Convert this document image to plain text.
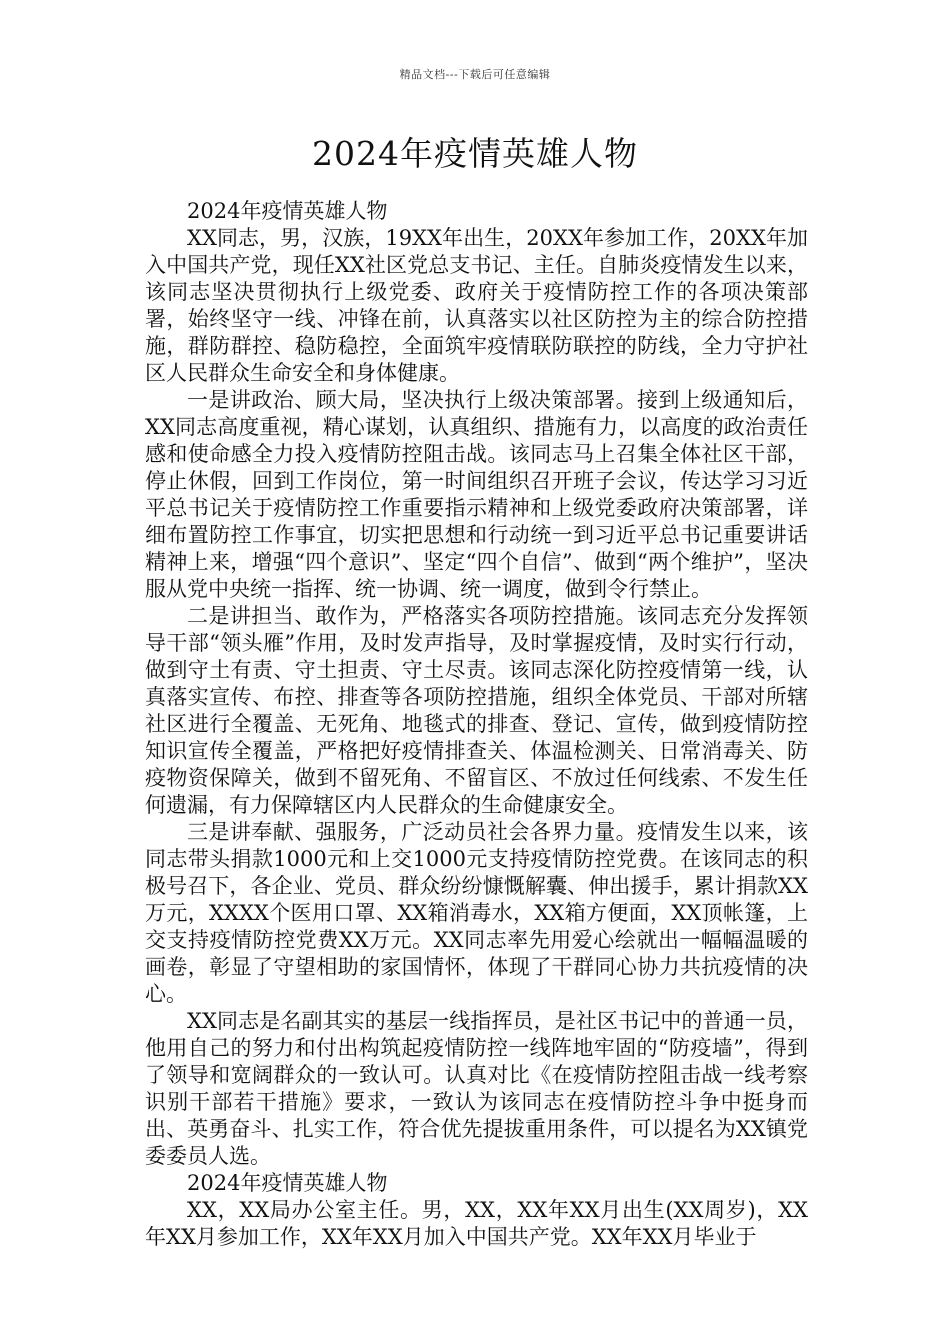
精品文档---下载后可任意编辑
2024年疫情英雄人物

2024年疫情英雄人物

XX同志，男，汉族，19XX年出生，20XX年参加工作，20XX年加入中国共产党，现任XX社区党总支书记、主任。自肺炎疫情发生以来，该同志坚决贯彻执行上级党委、政府关于疫情防控工作的各项决策部署，始终坚守一线、冲锋在前，认真落实以社区防控为主的综合防控措施，群防群控、稳防稳控，全面筑牢疫情联防联控的防线，全力守护社区人民群众生命安全和身体健康。

一是讲政治、顾大局，坚决执行上级决策部署。接到上级通知后，XX同志高度重视，精心谋划，认真组织、措施有力，以高度的政治责任感和使命感全力投入疫情防控阻击战。该同志马上召集全体社区干部，停止休假，回到工作岗位，第一时间组织召开班子会议，传达学习习近平总书记关于疫情防控工作重要指示精神和上级党委政府决策部署，详细布置防控工作事宜，切实把思想和行动统一到习近平总书记重要讲话精神上来，增强“四个意识”、坚定“四个自信”、做到“两个维护”，坚决服从党中央统一指挥、统一协调、统一调度，做到令行禁止。

二是讲担当、敢作为，严格落实各项防控措施。该同志充分发挥领导干部“领头雁”作用，及时发声指导，及时掌握疫情，及时实行行动，做到守土有责、守土担责、守土尽责。该同志深化防控疫情第一线，认真落实宣传、布控、排查等各项防控措施，组织全体党员、干部对所辖社区进行全覆盖、无死角、地毯式的排查、登记、宣传，做到疫情防控知识宣传全覆盖，严格把好疫情排查关、体温检测关、日常消毒关、防疫物资保障关，做到不留死角、不留盲区、不放过任何线索、不发生任何遗漏，有力保障辖区内人民群众的生命健康安全。

三是讲奉献、强服务，广泛动员社会各界力量。疫情发生以来，该同志带头捐款1000元和上交1000元支持疫情防控党费。在该同志的积极号召下，各企业、党员、群众纷纷慷慨解囊、伸出援手，累计捐款XX万元，XXXX个医用口罩、XX箱消毒水，XX箱方便面，XX顶帐篷，上交支持疫情防控党费XX万元。XX同志率先用爱心绘就出一幅幅温暖的画卷，彰显了守望相助的家国情怀，体现了干群同心协力共抗疫情的决心。

XX同志是名副其实的基层一线指挥员，是社区书记中的普通一员，他用自己的努力和付出构筑起疫情防控一线阵地牢固的“防疫墙”，得到了领导和宽阔群众的一致认可。认真对比《在疫情防控阻击战一线考察识别干部若干措施》要求，一致认为该同志在疫情防控斗争中挺身而出、英勇奋斗、扎实工作，符合优先提拔重用条件，可以提名为XX镇党委委员人选。

2024年疫情英雄人物

XX，XX局办公室主任。男，XX，XX年XX月出生(XX周岁)，XX年XX月参加工作，XX年XX月加入中国共产党。XX年XX月毕业于
